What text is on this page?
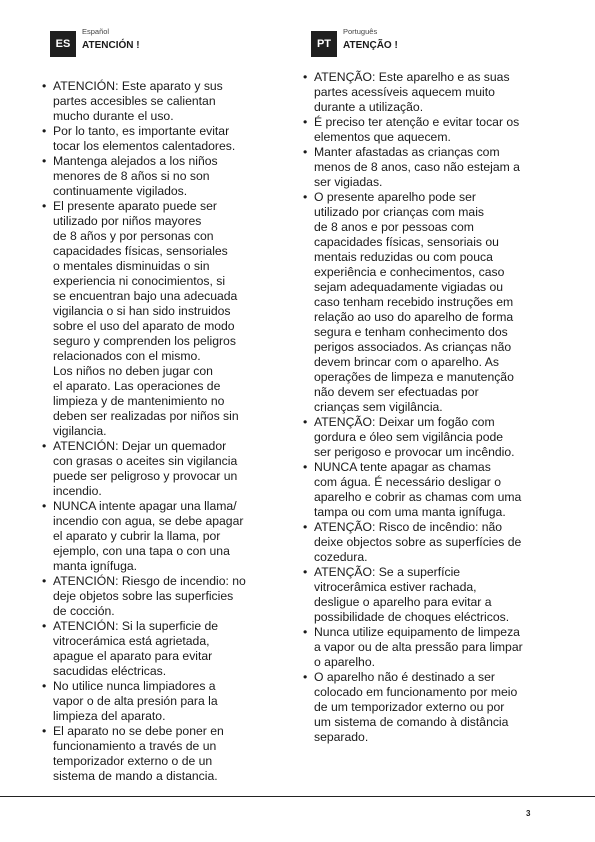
ES
Español
ATENCIÓN !
• ATENCIÓN: Este aparato y sus
partes accesibles se calientan
mucho durante el uso.
• Por lo tanto, es importante evitar
tocar los elementos calentadores.
• Mantenga alejados a los niños
menores de 8 años si no son
continuamente vigilados.
• El presente aparato puede ser
utilizado por niños mayores
de 8 años y por personas con
capacidades físicas, sensoriales
o mentales disminuidas o sin
experiencia ni conocimientos, si
se encuentran bajo una adecuada
vigilancia o si han sido instruidos
sobre el uso del aparato de modo
seguro y comprenden los peligros
relacionados con el mismo.
Los niños no deben jugar con
el aparato. Las operaciones de
limpieza y de mantenimiento no
deben ser realizadas por niños sin
vigilancia.
• ATENCIÓN: Dejar un quemador
con grasas o aceites sin vigilancia
puede ser peligroso y provocar un
incendio.
• NUNCA intente apagar una llama/
incendio con agua, se debe apagar
el aparato y cubrir la llama, por
ejemplo, con una tapa o con una
manta ignífuga.
• ATENCIÓN: Riesgo de incendio: no
deje objetos sobre las superficies
de cocción.
• ATENCIÓN: Si la superficie de
vitrocerámica está agrietada,
apague el aparato para evitar
sacudidas eléctricas.
• No utilice nunca limpiadores a
vapor o de alta presión para la
limpieza del aparato.
• El aparato no se debe poner en
funcionamiento a través de un
temporizador externo o de un
sistema de mando a distancia.
PT
Português
ATENÇÃO !
• ATENÇÃO: Este aparelho e as suas
partes acessíveis aquecem muito
durante a utilização.
• É preciso ter atenção e evitar tocar os
elementos que aquecem.
• Manter afastadas as crianças com
menos de 8 anos, caso não estejam a
ser vigiadas.
• O presente aparelho pode ser
utilizado por crianças com mais
de 8 anos e por pessoas com
capacidades físicas, sensoriais ou
mentais reduzidas ou com pouca
experiência e conhecimentos, caso
sejam adequadamente vigiadas ou
caso tenham recebido instruções em
relação ao uso do aparelho de forma
segura e tenham conhecimento dos
perigos associados. As crianças não
devem brincar com o aparelho. As
operações de limpeza e manutenção
não devem ser efectuadas por
crianças sem vigilância.
• ATENÇÃO: Deixar um fogão com
gordura e óleo sem vigilância pode
ser perigoso e provocar um incêndio.
• NUNCA tente apagar as chamas
com água. É necessário desligar o
aparelho e cobrir as chamas com uma
tampa ou com uma manta ignífuga.
• ATENÇÃO: Risco de incêndio: não
deixe objectos sobre as superfícies de
cozedura.
• ATENÇÃO: Se a superfície
vitrocerâmica estiver rachada,
desligue o aparelho para evitar a
possibilidade de choques eléctricos.
• Nunca utilize equipamento de limpeza
a vapor ou de alta pressão para limpar
o aparelho.
• O aparelho não é destinado a ser
colocado em funcionamento por meio
de um temporizador externo ou por
um sistema de comando à distância
separado.
3
